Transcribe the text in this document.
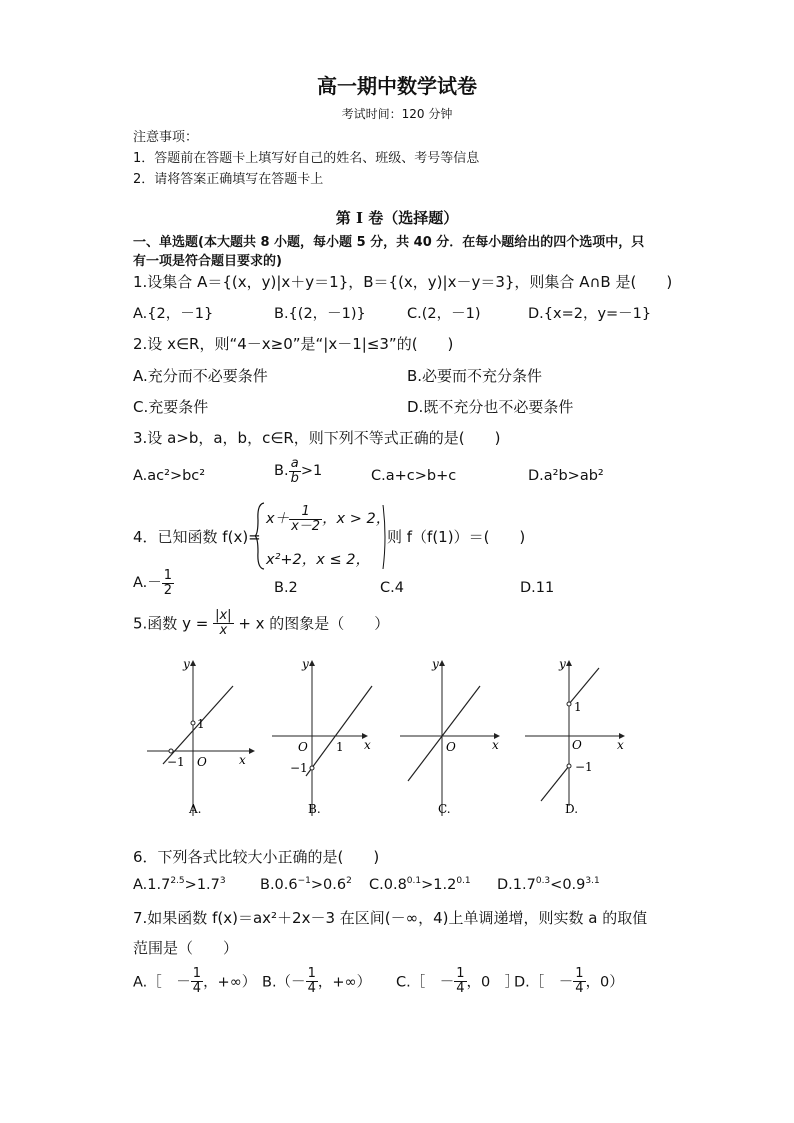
高一期中数学试卷
考试时间：120 分钟
注意事项：
1．答题前在答题卡上填写好自己的姓名、班级、考号等信息
2．请将答案正确填写在答题卡上
第 I 卷（选择题）
一、单选题(本大题共 8 小题，每小题 5 分，共 40 分．在每小题给出的四个选项中，只
有一项是符合题目要求的)
1.设集合 A＝{(x，y)|x＋y＝1}，B＝{(x，y)|x－y＝3}，则集合 A∩B 是(　　)
A.{2，－1}	B.{(2，－1)}	C.(2，－1)	D.{x=2，y=－1}
2.设 x∈R，则“4－x≥0”是“|x－1|≤3”的(　　)
A.充分而不必要条件	B.必要而不充分条件
C.充要条件	D.既不充分也不必要条件
3.设 a>b，a，b，c∈R，则下列不等式正确的是(　　)
A.ac²>bc²	B. $\frac{a}{b} >1$	C.a+c>b+c	D.a²b>ab²
4．已知函数 f(x)=
$x+ \frac{1}{x-2}$ ，x > 2，
x²+2，x ≤ 2，
则 f（f(1)）＝(　　)
$A.- \frac{1}{2}$	B.2	C.4	D.11
5.函数 $y = \frac{|x|}{x} + x$ 的图象是（　　）
y
x
O
1
−1
A.
y
x
O 1
−1
B.
y
x
O
C.
y
x
O
1
−1
D.
6．下列各式比较大小正确的是(　　)
$A.1.7^{2.5}>1.7^3$ $B.0.6^{-1}>0.6^2$ $C.0.8^{0.1}>1.2^{0.1}$ $D.1.7^{0.3}<0.9^{3.1}$
7.如果函数 f(x)＝ax²＋2x－3 在区间(－∞，4)上单调递增，则实数 a 的取值
范围是（　　）
A.［　－ $\frac{1}{4}$ ，+∞） $B.(- \frac{1}{4}$ ，+∞） C.［　－ $\frac{1}{4}$ ，0　］
D.［　－ $\frac{1}{4}$ ，0）
